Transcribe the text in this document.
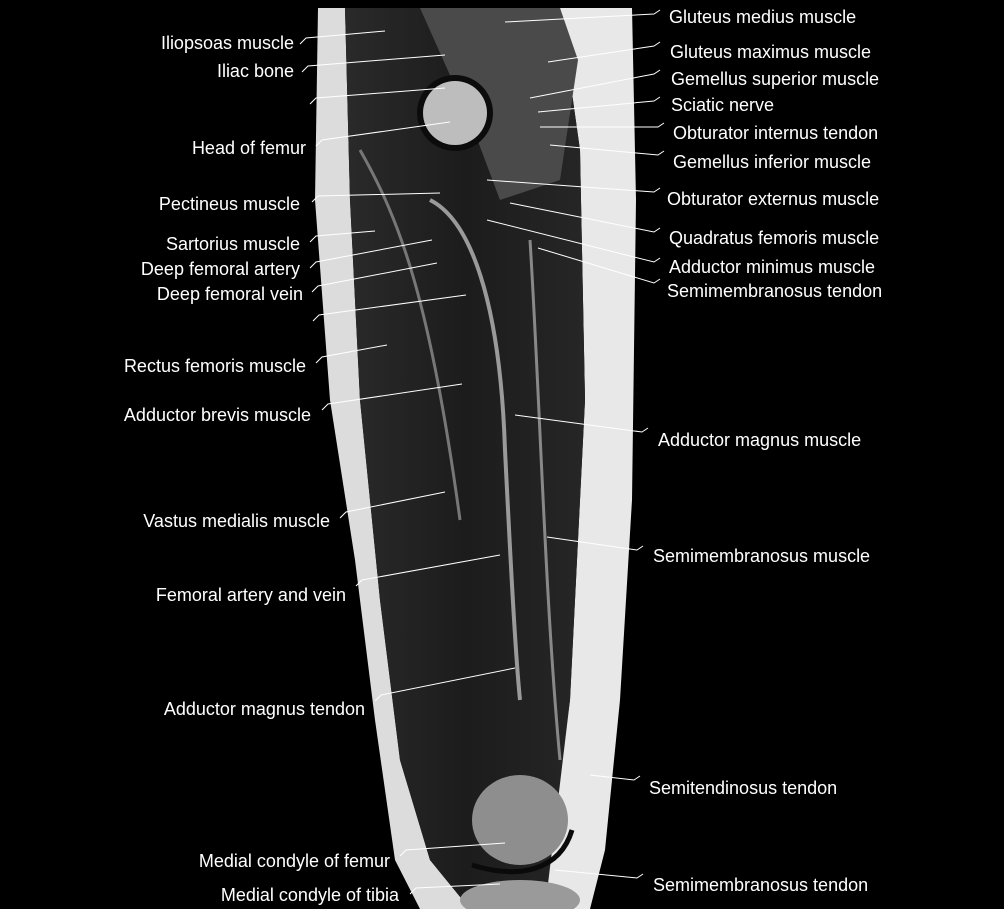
Iliopsoas muscle
Iliac bone
Head of femur
Pectineus muscle
Sartorius muscle
Deep femoral artery
Deep femoral vein
Rectus femoris muscle
Adductor brevis muscle
Vastus medialis muscle
Femoral artery and vein
Adductor magnus tendon
Medial condyle of femur
Medial condyle of tibia
Gluteus medius muscle
Gluteus maximus muscle
Gemellus superior muscle
Sciatic nerve
Obturator internus tendon
Gemellus inferior muscle
Obturator externus muscle
Quadratus femoris muscle
Adductor minimus muscle
Semimembranosus tendon
Adductor magnus muscle
Semimembranosus muscle
Semitendinosus tendon
Semimembranosus tendon
